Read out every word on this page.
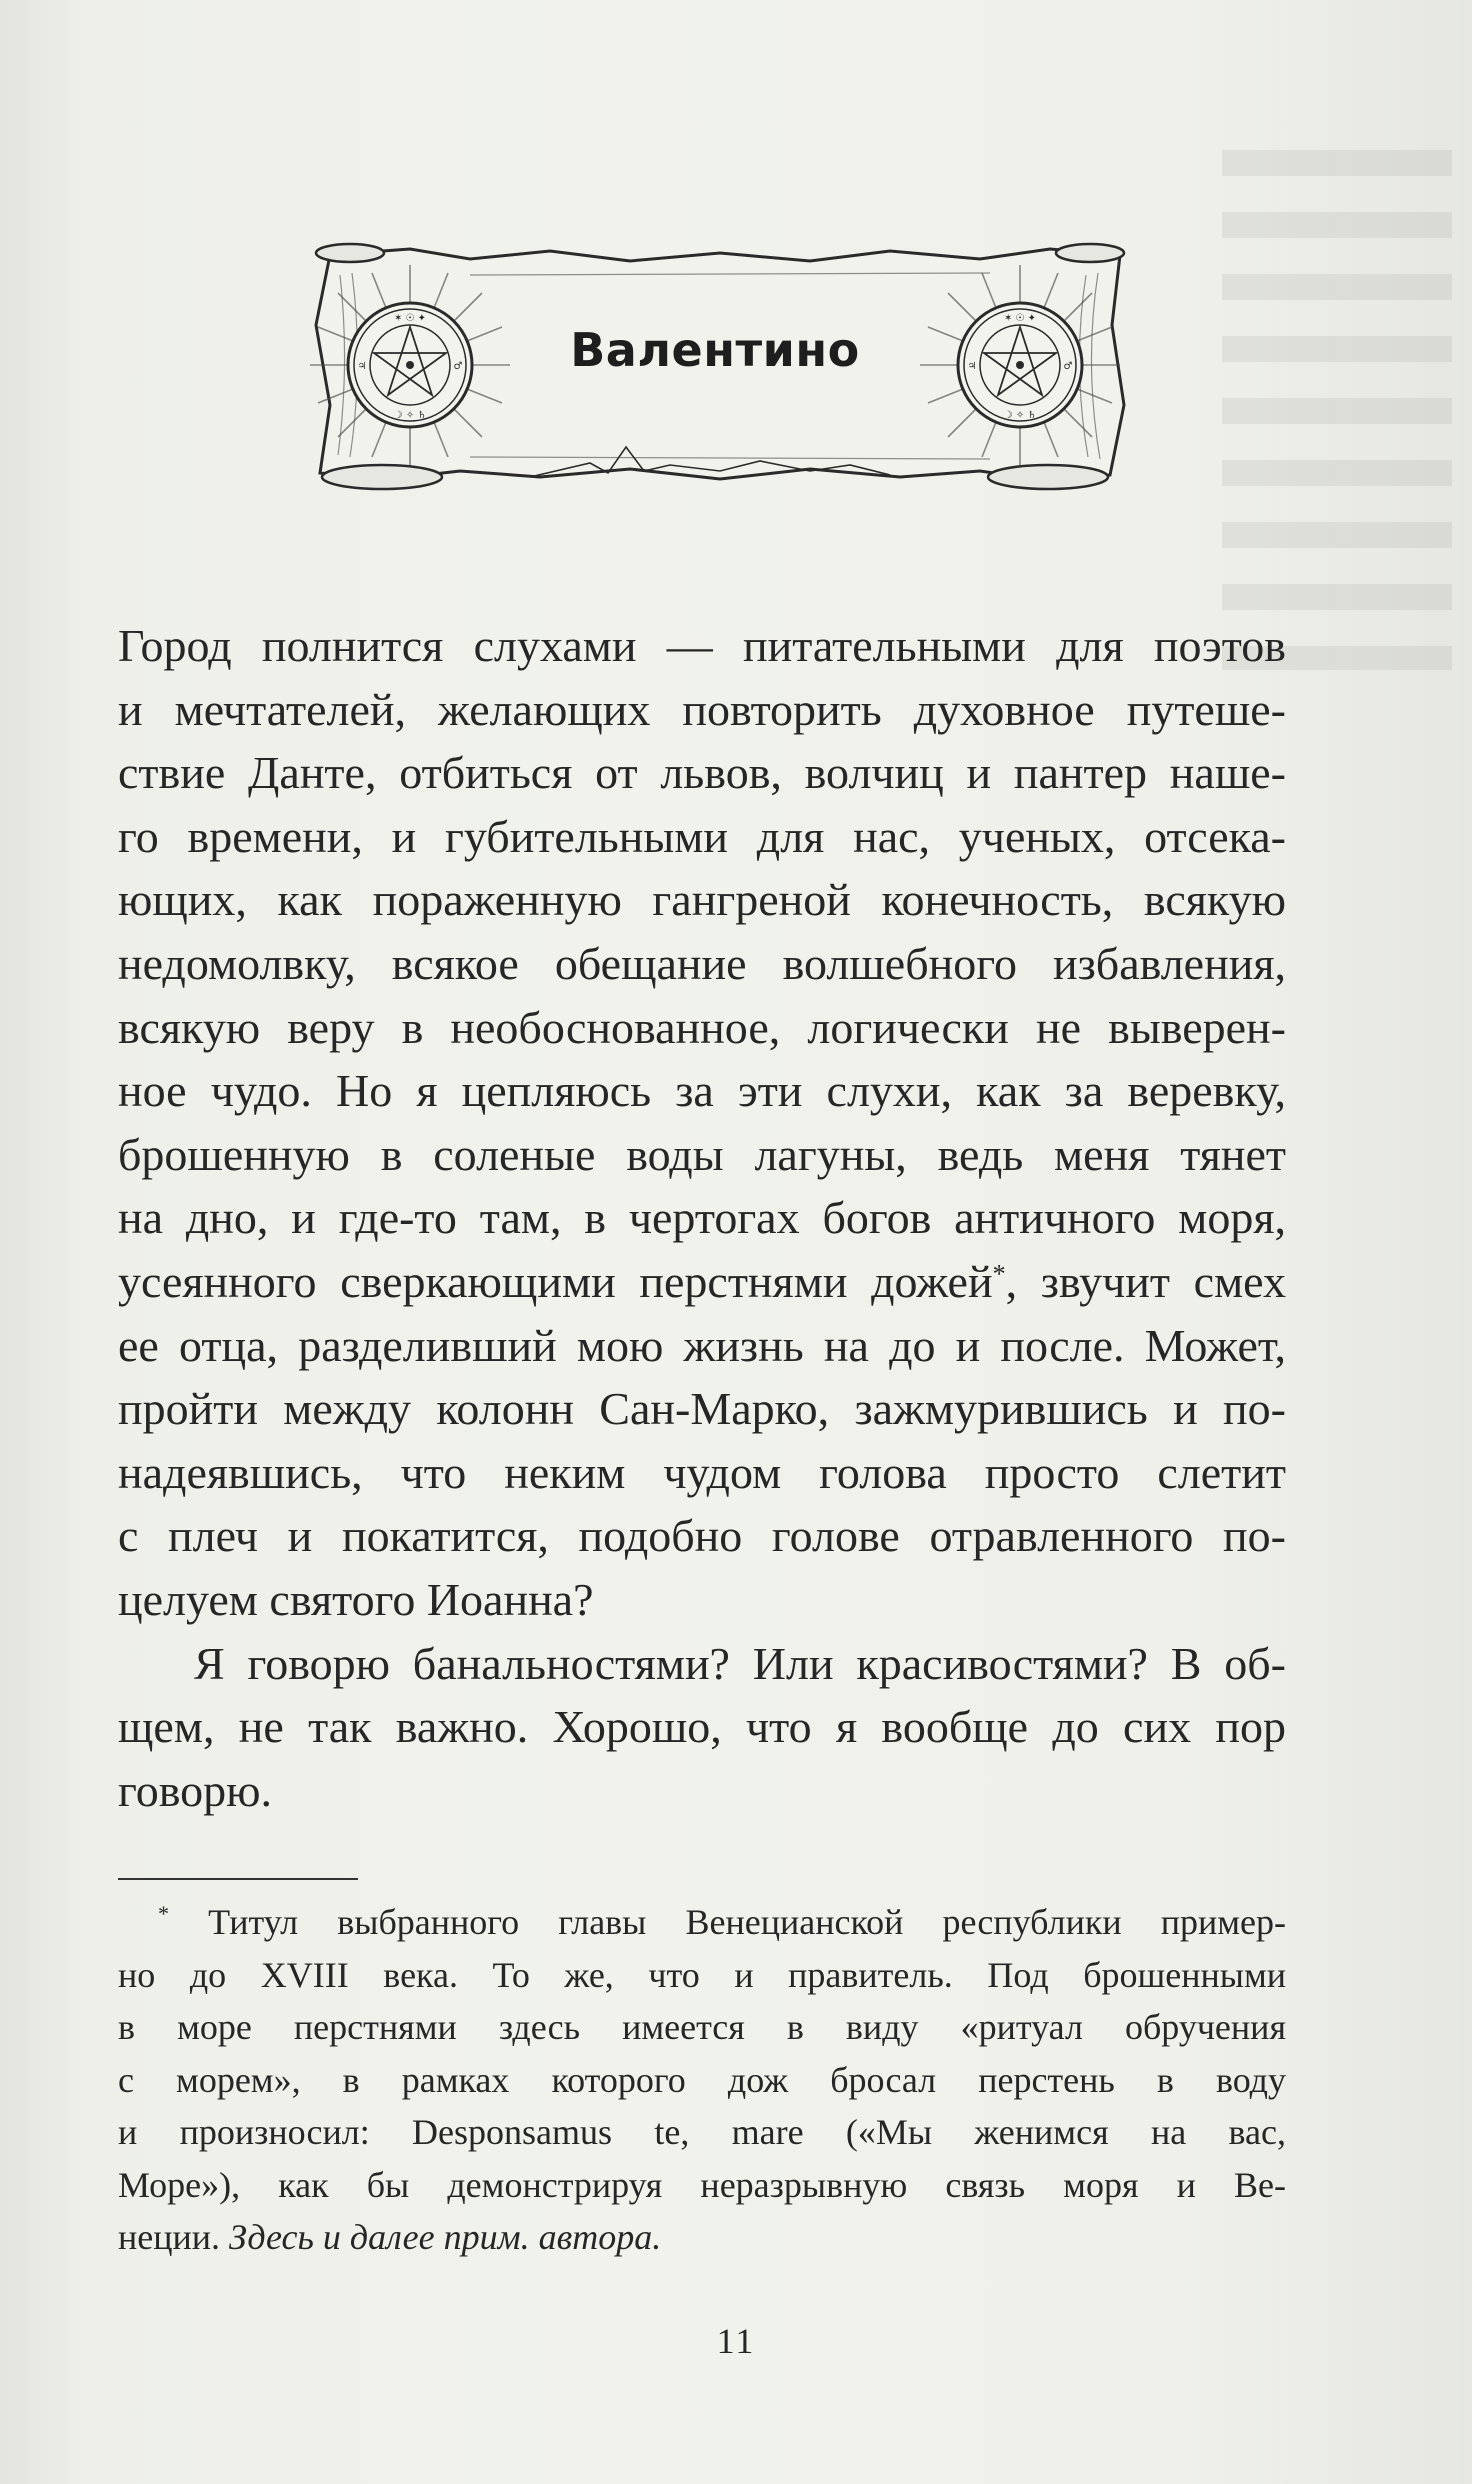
✶ ☉ ✦
☽ ✧ ♄
♃	♂
Валентино
Город полнится слухами — питательными для поэтов
и мечтателей, желающих повторить духовное путеше-
ствие Данте, отбиться от львов, волчиц и пантер наше-
го времени, и губительными для нас, ученых, отсека-
ющих, как пораженную гангреной конечность, всякую
недомолвку, всякое обещание волшебного избавления,
всякую веру в необоснованное, логически не выверен-
ное чудо. Но я цепляюсь за эти слухи, как за веревку,
брошенную в соленые воды лагуны, ведь меня тянет
на дно, и где-то там, в чертогах богов античного моря,
усеянного сверкающими перстнями дожей*, звучит смех
ее отца, разделивший мою жизнь на до и после. Может,
пройти между колонн Сан-Марко, зажмурившись и по-
надеявшись, что неким чудом голова просто слетит
с плеч и покатится, подобно голове отравленного по-
целуем святого Иоанна?
Я говорю банальностями? Или красивостями? В об-
щем, не так важно. Хорошо, что я вообще до сих пор
говорю.
* Титул выбранного главы Венецианской республики пример-
но до XVIII века. То же, что и правитель. Под брошенными
в море перстнями здесь имеется в виду «ритуал обручения
с морем», в рамках которого дож бросал перстень в воду
и произносил: Desponsamus te, mare («Мы женимся на вас,
Море»), как бы демонстрируя неразрывную связь моря и Ве-
неции. Здесь и далее прим. автора.
11
